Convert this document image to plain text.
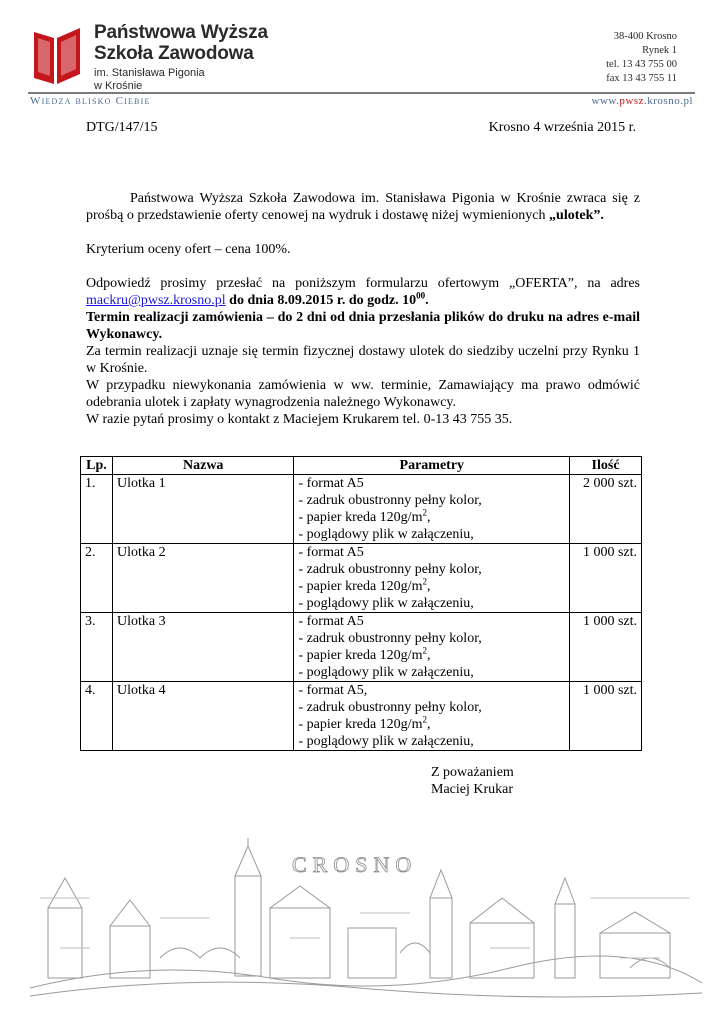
Państwowa Wyższa
Szkoła Zawodowa
im. Stanisława Pigonia
w Krośnie
38-400 Krosno
Rynek 1
tel. 13 43 755 00
fax 13 43 755 11
Wiedza blisko Ciebie	www.pwsz.krosno.pl
DTG/147/15	Krosno 4 września 2015 r.

Państwowa Wyższa Szkoła Zawodowa im. Stanisława Pigonia w Krośnie zwraca się z prośbą o przedstawienie oferty cenowej na wydruk i dostawę niżej wymienionych „ulotek”.

Kryterium oceny ofert – cena 100%.

Odpowiedź prosimy przesłać na poniższym formularzu ofertowym „OFERTA”, na adres mackru@pwsz.krosno.pl do dnia 8.09.2015 r. do godz. $10^{00}$.

Termin realizacji zamówienia – do 2 dni od dnia przesłania plików do druku na adres e-mail Wykonawcy.

Za termin realizacji uznaje się termin fizycznej dostawy ulotek do siedziby uczelni przy Rynku 1 w Krośnie.

W przypadku niewykonania zamówienia w ww. terminie, Zamawiający ma prawo odmówić odebrania ulotek i zapłaty wynagrodzenia należnego Wykonawcy.

W razie pytań prosimy o kontakt z Maciejem Krukarem tel. 0-13 43 755 35.

Lp.	Nazwa	Parametry	Ilość
1.	Ulotka 1	- format A5
- zadruk obustronny pełny kolor,
- papier kreda $120g/m^2$,
- poglądowy plik w załączeniu,	2 000 szt.
2.	Ulotka 2	- format A5
- zadruk obustronny pełny kolor,
- papier kreda $120g/m^2$,
- poglądowy plik w załączeniu,	1 000 szt.
3.	Ulotka 3	- format A5
- zadruk obustronny pełny kolor,
- papier kreda $120g/m^2$,
- poglądowy plik w załączeniu,	1 000 szt.
4.	Ulotka 4	- format A5,
- zadruk obustronny pełny kolor,
- papier kreda $120g/m^2$,
- poglądowy plik w załączeniu,	1 000 szt.
Z poważaniem
Maciej Krukar
CROSNO
